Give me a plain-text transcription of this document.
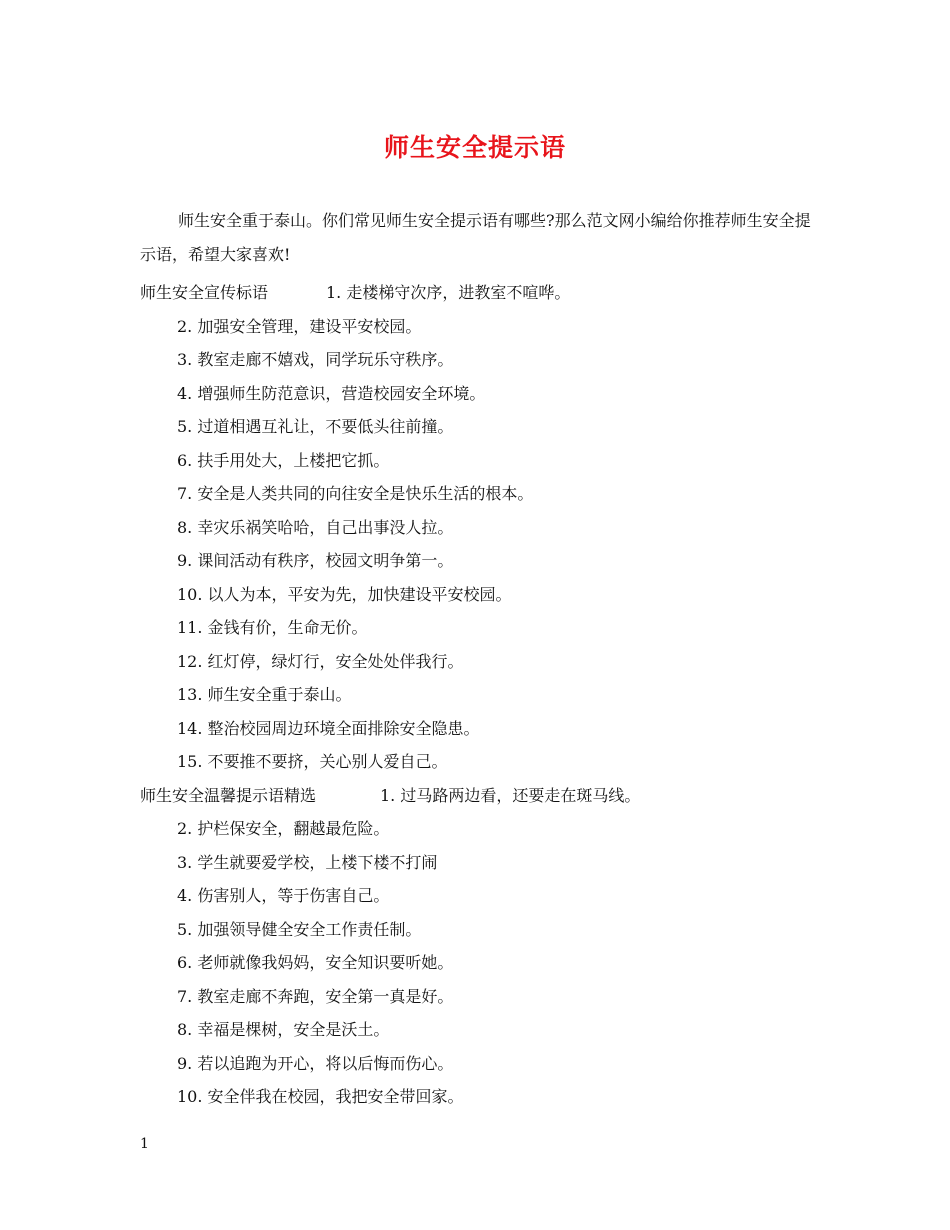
师生安全提示语
师生安全重于泰山。你们常见师生安全提示语有哪些?那么范文网小编给你推荐师生安全提示语，希望大家喜欢!
师生安全宣传标语	1. 走楼梯守次序，进教室不喧哗。
2. 加强安全管理，建设平安校园。
3. 教室走廊不嬉戏，同学玩乐守秩序。
4. 增强师生防范意识，营造校园安全环境。
5. 过道相遇互礼让，不要低头往前撞。
6. 扶手用处大，上楼把它抓。
7. 安全是人类共同的向往安全是快乐生活的根本。
8. 幸灾乐祸笑哈哈，自己出事没人拉。
9. 课间活动有秩序，校园文明争第一。
10. 以人为本，平安为先，加快建设平安校园。
11. 金钱有价，生命无价。
12. 红灯停，绿灯行，安全处处伴我行。
13. 师生安全重于泰山。
14. 整治校园周边环境全面排除安全隐患。
15. 不要推不要挤，关心别人爱自己。
师生安全温馨提示语精选	1. 过马路两边看，还要走在斑马线。
2. 护栏保安全，翻越最危险。
3. 学生就要爱学校，上楼下楼不打闹
4. 伤害别人，等于伤害自己。
5. 加强领导健全安全工作责任制。
6. 老师就像我妈妈，安全知识要听她。
7. 教室走廊不奔跑，安全第一真是好。
8. 幸福是棵树，安全是沃土。
9. 若以追跑为开心，将以后悔而伤心。
10. 安全伴我在校园，我把安全带回家。
1
